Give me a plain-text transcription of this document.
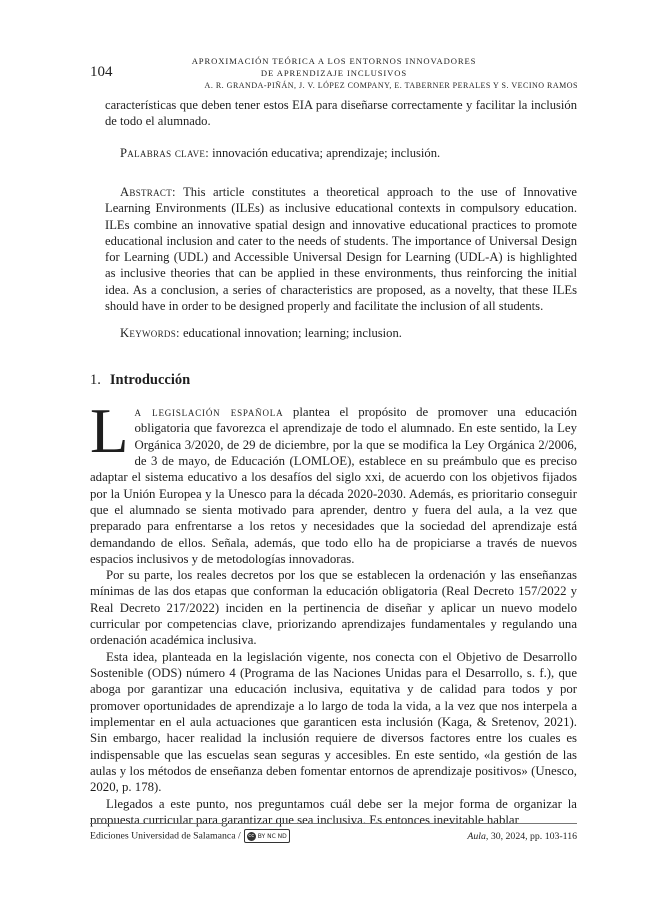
104
APROXIMACIÓN TEÓRICA A LOS ENTORNOS INNOVADORES
DE APRENDIZAJE INCLUSIVOS
A. R. GRANDA-PIÑÁN, J. V. LÓPEZ COMPANY, E. TABERNER PERALES Y S. VECINO RAMOS
características que deben tener estos EIA para diseñarse correctamente y facilitar la inclusión de todo el alumnado.
Palabras clave: innovación educativa; aprendizaje; inclusión.
Abstract: This article constitutes a theoretical approach to the use of Innovative Learning Environments (ILEs) as inclusive educational contexts in compulsory education. ILEs combine an innovative spatial design and innovative educational practices to promote educational inclusion and cater to the needs of students. The importance of Universal Design for Learning (UDL) and Accessible Universal Design for Learning (UDL-A) is highlighted as inclusive theories that can be applied in these environments, thus reinforcing the initial idea. As a conclusion, a series of characteristics are proposed, as a novelty, that these ILEs should have in order to be designed properly and facilitate the inclusion of all students.
Keywords: educational innovation; learning; inclusion.
1. Introducción

La legislación española plantea el propósito de promover una educación obligatoria que favorezca el aprendizaje de todo el alumnado. En este sentido, la Ley Orgánica 3/2020, de 29 de diciembre, por la que se modifica la Ley Orgánica 2/2006, de 3 de mayo, de Educación (LOMLOE), establece en su preámbulo que es preciso adaptar el sistema educativo a los desafíos del siglo xxi, de acuerdo con los objetivos fijados por la Unión Europea y la Unesco para la década 2020-2030. Además, es prioritario conseguir que el alumnado se sienta motivado para aprender, dentro y fuera del aula, a la vez que preparado para enfrentarse a los retos y necesidades que la sociedad del aprendizaje está demandando de ellos. Señala, además, que todo ello ha de propiciarse a través de nuevos espacios inclusivos y de metodologías innovadoras.

Por su parte, los reales decretos por los que se establecen la ordenación y las enseñanzas mínimas de las dos etapas que conforman la educación obligatoria (Real Decreto 157/2022 y Real Decreto 217/2022) inciden en la pertinencia de diseñar y aplicar un nuevo modelo curricular por competencias clave, priorizando aprendizajes fundamentales y regulando una ordenación académica inclusiva.

Esta idea, planteada en la legislación vigente, nos conecta con el Objetivo de Desarrollo Sostenible (ODS) número 4 (Programa de las Naciones Unidas para el Desarrollo, s. f.), que aboga por garantizar una educación inclusiva, equitativa y de calidad para todos y por promover oportunidades de aprendizaje a lo largo de toda la vida, a la vez que nos interpela a implementar en el aula actuaciones que garanticen esta inclusión (Kaga, & Sretenov, 2021). Sin embargo, hacer realidad la inclusión requiere de diversos factores entre los cuales es indispensable que las escuelas sean seguras y accesibles. En este sentido, «la gestión de las aulas y los métodos de enseñanza deben fomentar entornos de aprendizaje positivos» (Unesco, 2020, p. 178).

Llegados a este punto, nos preguntamos cuál debe ser la mejor forma de organizar la propuesta curricular para garantizar que sea inclusiva. Es entonces inevitable hablar

Ediciones Universidad de Salamanca / cc BY NC ND	Aula, 30, 2024, pp. 103-116
